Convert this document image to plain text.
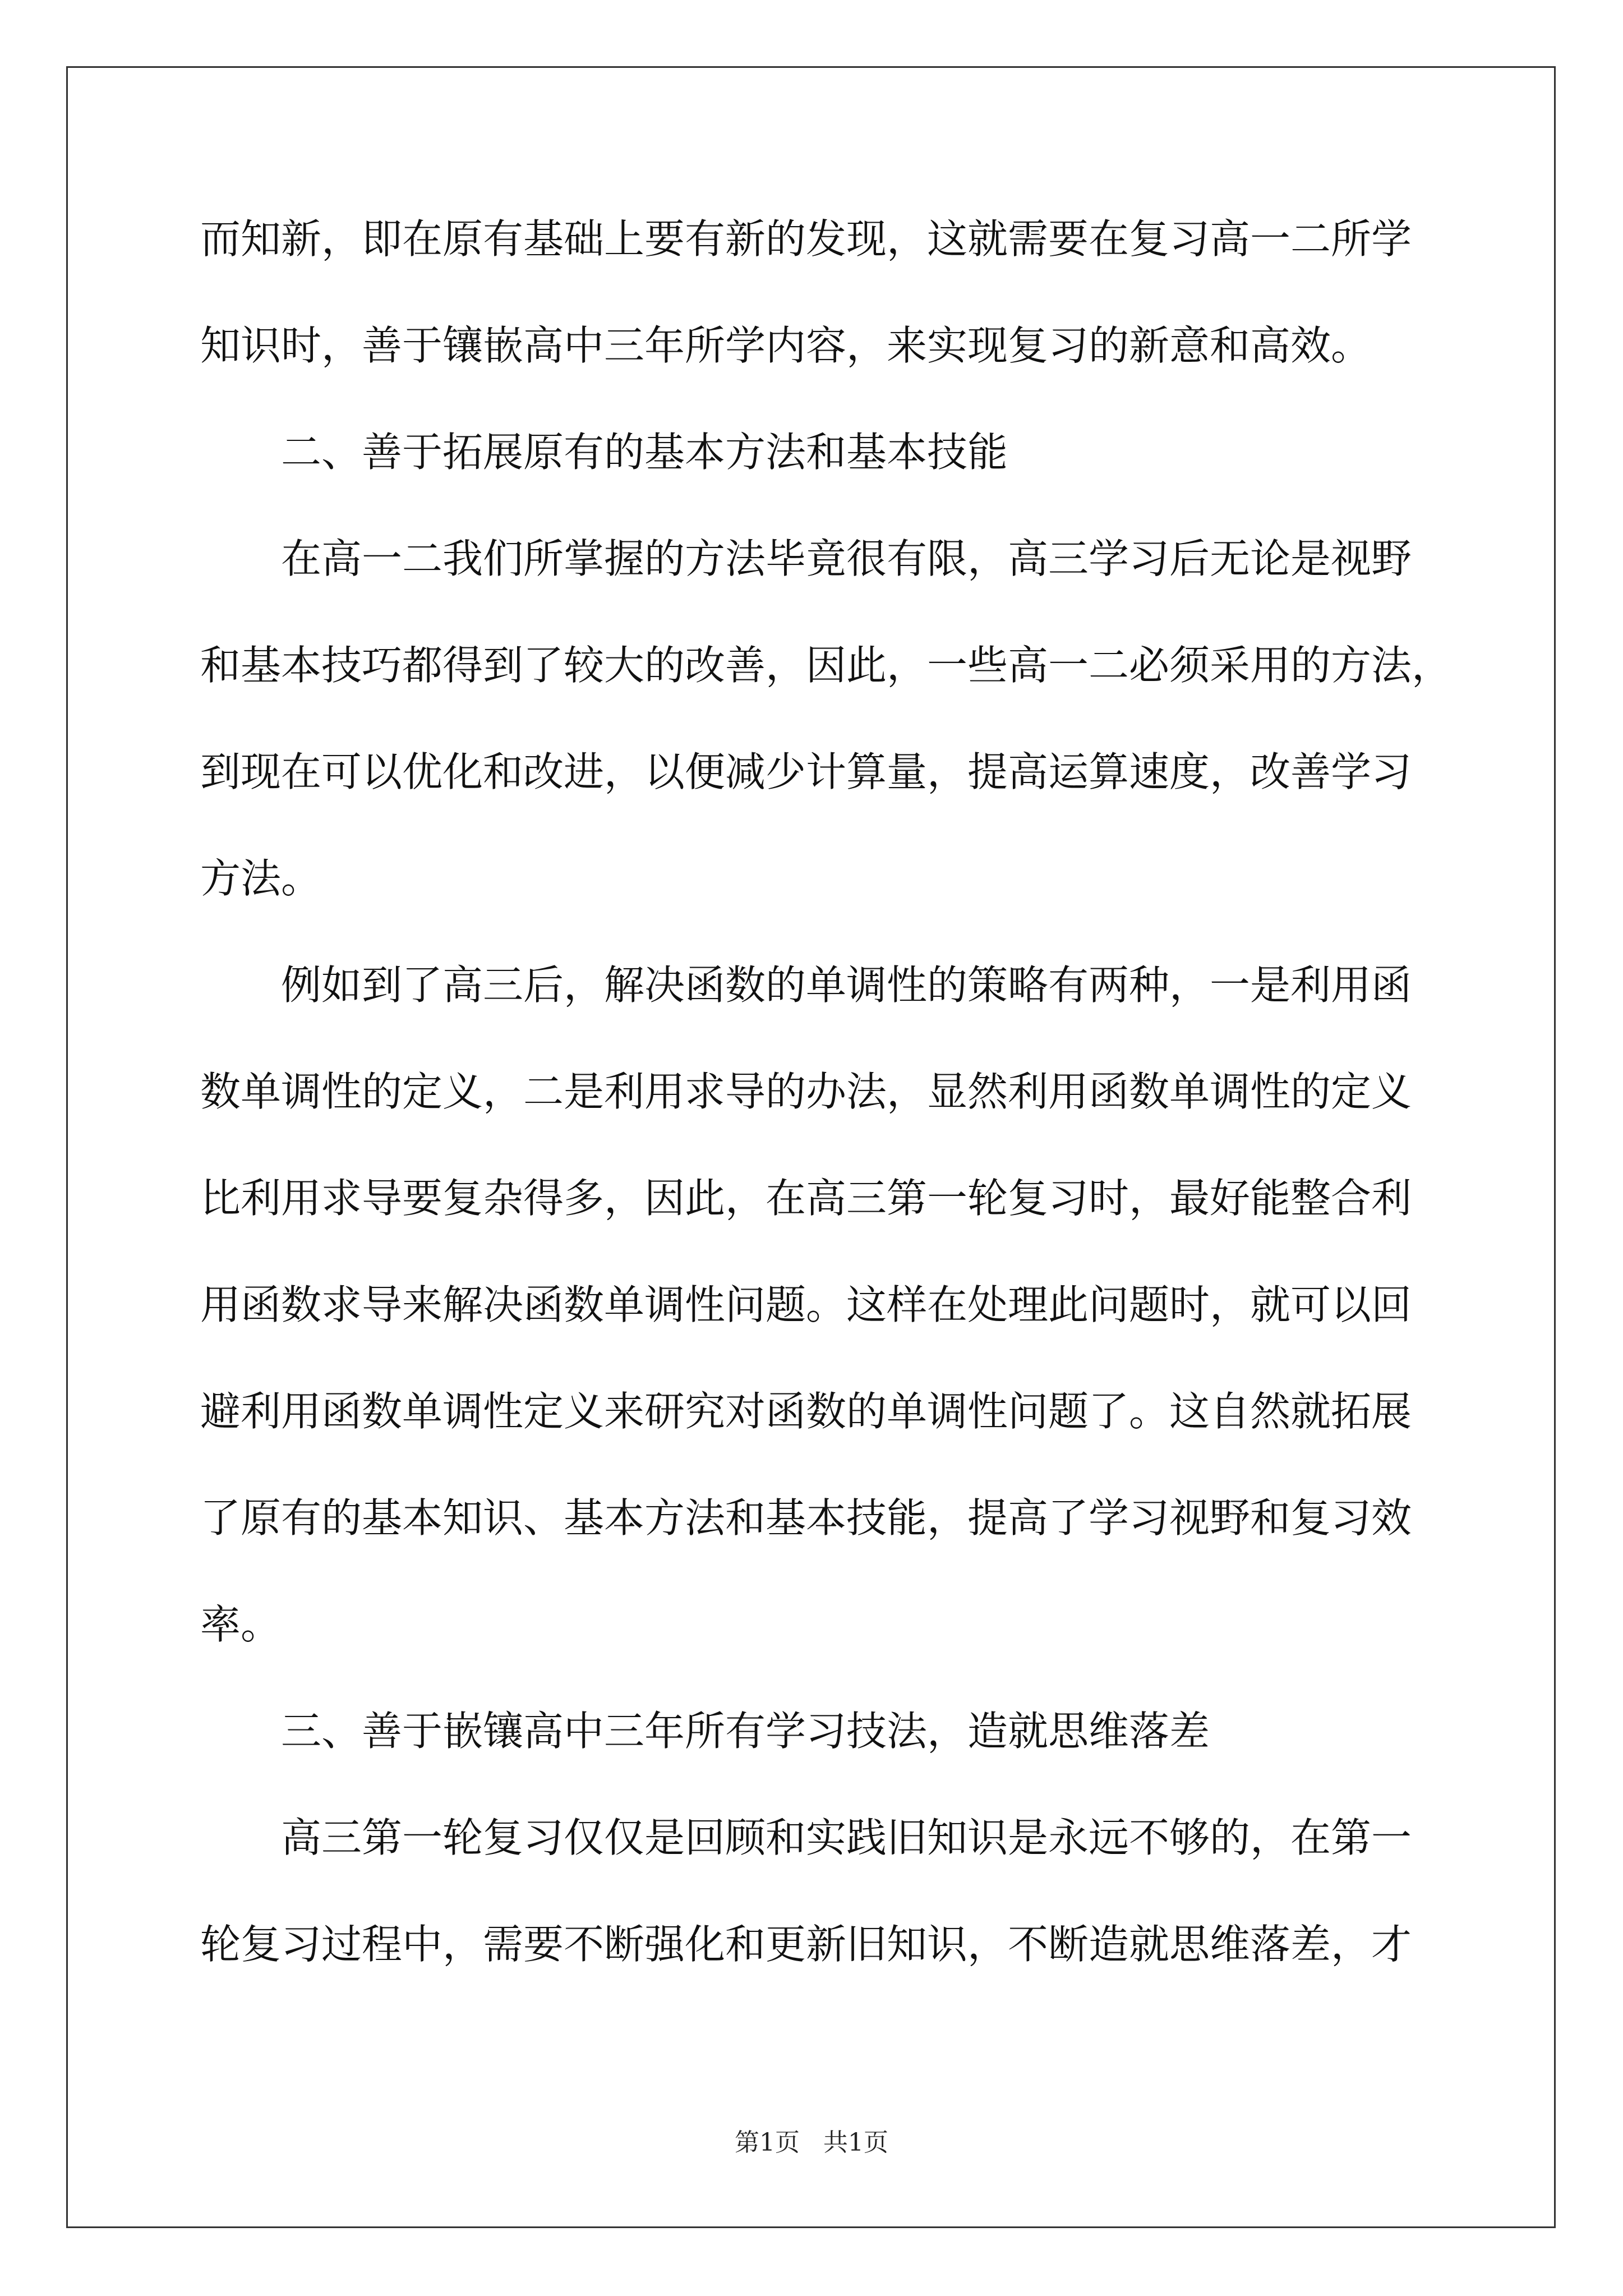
而知新，即在原有基础上要有新的发现，这就需要在复习高一二所学
知识时，善于镶嵌高中三年所学内容，来实现复习的新意和高效。
二、善于拓展原有的基本方法和基本技能
在高一二我们所掌握的方法毕竟很有限，高三学习后无论是视野
和基本技巧都得到了较大的改善，因此，一些高一二必须采用的方法，
到现在可以优化和改进，以便减少计算量，提高运算速度，改善学习
方法。
例如到了高三后，解决函数的单调性的策略有两种，一是利用函
数单调性的定义，二是利用求导的办法，显然利用函数单调性的定义
比利用求导要复杂得多，因此，在高三第一轮复习时，最好能整合利
用函数求导来解决函数单调性问题。这样在处理此问题时，就可以回
避利用函数单调性定义来研究对函数的单调性问题了。这自然就拓展
了原有的基本知识、基本方法和基本技能，提高了学习视野和复习效
率。
三、善于嵌镶高中三年所有学习技法，造就思维落差
高三第一轮复习仅仅是回顾和实践旧知识是永远不够的，在第一
轮复习过程中，需要不断强化和更新旧知识，不断造就思维落差，才
第1页 共1页
